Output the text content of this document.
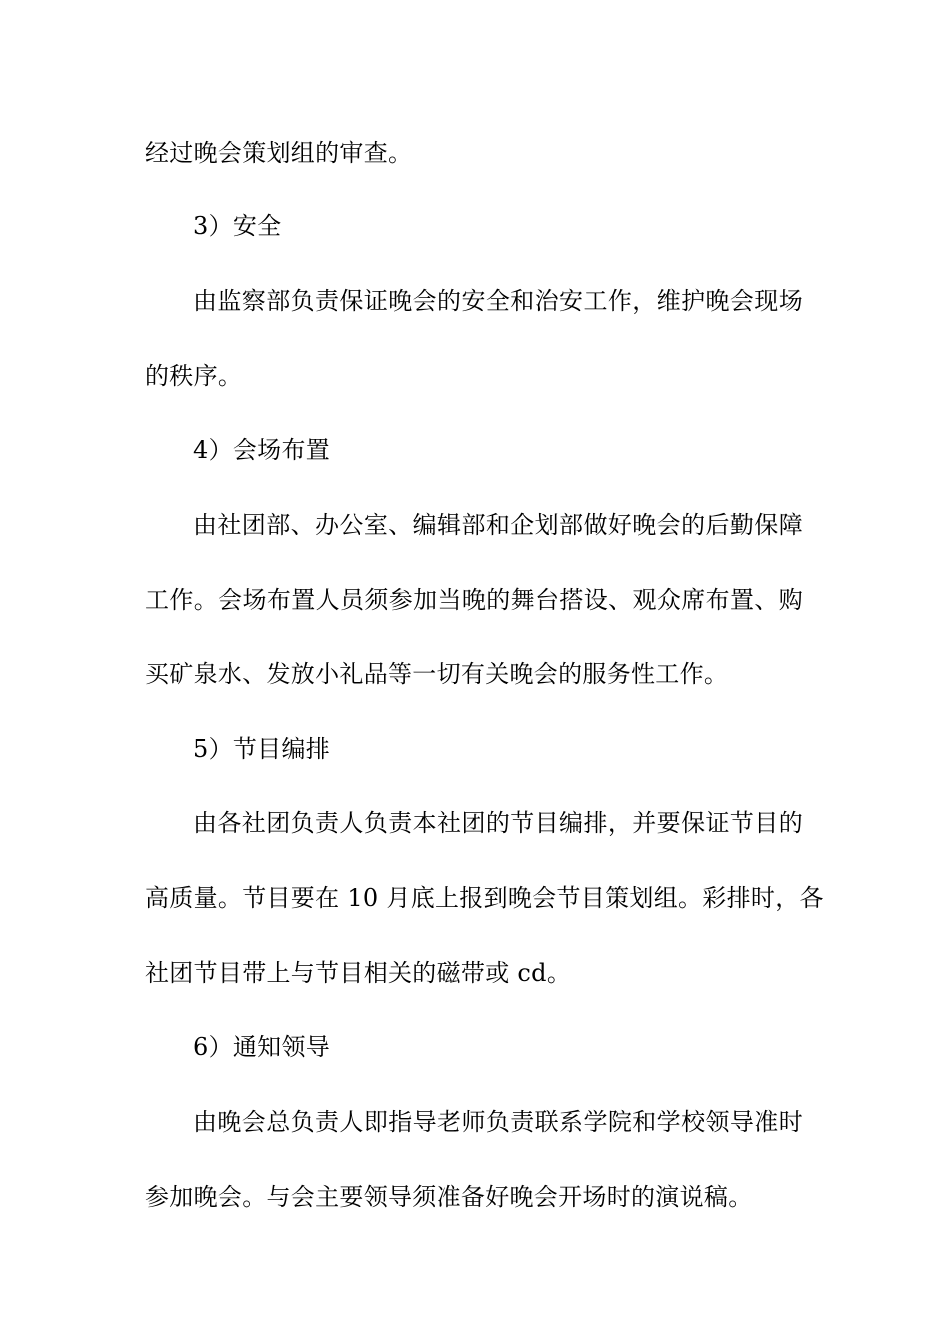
经过晚会策划组的审查。

3）安全

由监察部负责保证晚会的安全和治安工作，维护晚会现场

的秩序。

4）会场布置

由社团部、办公室、编辑部和企划部做好晚会的后勤保障

工作。会场布置人员须参加当晚的舞台搭设、观众席布置、购

买矿泉水、发放小礼品等一切有关晚会的服务性工作。

5）节目编排

由各社团负责人负责本社团的节目编排，并要保证节目的

高质量。节目要在 10 月底上报到晚会节目策划组。彩排时，各

社团节目带上与节目相关的磁带或 cd。

6）通知领导

由晚会总负责人即指导老师负责联系学院和学校领导准时

参加晚会。与会主要领导须准备好晚会开场时的演说稿。
